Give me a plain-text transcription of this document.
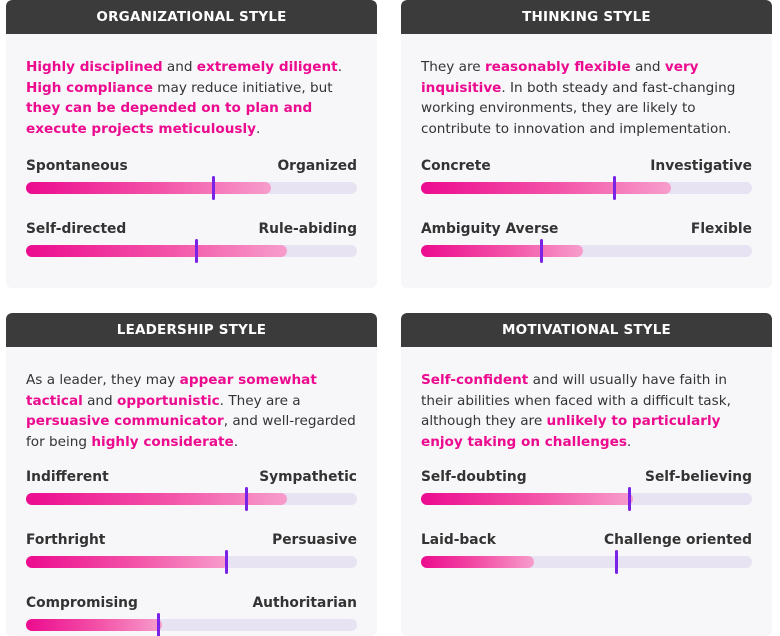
ORGANIZATIONAL STYLE

Highly disciplined and extremely diligent. High compliance may reduce initiative, but they can be depended on to plan and execute projects meticulously.

Spontaneous	Organized
Self-directed	Rule-abiding
THINKING STYLE

They are reasonably flexible and very inquisitive. In both steady and fast-changing working environments, they are likely to contribute to innovation and implementation.

Concrete	Investigative
Ambiguity Averse	Flexible
LEADERSHIP STYLE

As a leader, they may appear somewhat tactical and opportunistic. They are a persuasive communicator, and well-regarded for being highly considerate.

Indifferent	Sympathetic
Forthright	Persuasive
Compromising	Authoritarian
MOTIVATIONAL STYLE

Self-confident and will usually have faith in their abilities when faced with a difficult task, although they are unlikely to particularly enjoy taking on challenges.

Self-doubting	Self-believing
Laid-back	Challenge oriented
